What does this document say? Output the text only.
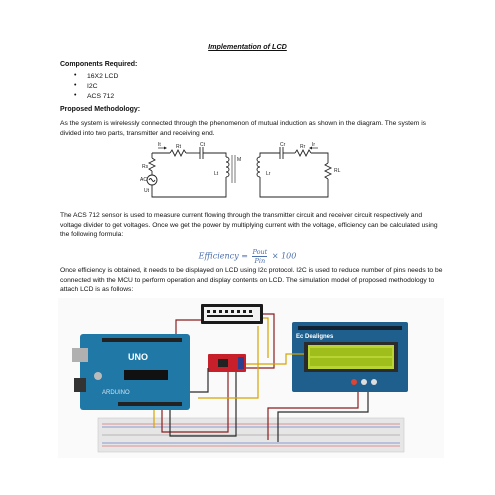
Implementation of LCD
Components Required:
• 16X2 LCD
• I2C
• ACS 712
Proposed Methodology:
As the system is wirelessly connected through the phenomenon of mutual induction as shown in the diagram. The system is divided into two parts, transmitter and receiving end.
It	Rt	Ct
Rs
AC
Ut
M
Lt	Lr
Cr	Rr
RL
Ir
The ACS 712 sensor is used to measure current flowing through the transmitter circuit and receiver circuit respectively and voltage divider to get voltages. Once we get the power by multiplying current with the voltage, efficiency can be calculated using the following formula:
Efficiency = $\frac{\text{Pout}}{\text{Pin}} \times 100$
Once efficiency is obtained, it needs to be displayed on LCD using I2c protocol. I2C is used to reduce number of pins needs to be connected with the MCU to perform operation and display contents on LCD. The simulation model of proposed methodology to attach LCD is as follows:
UNO
ARDUINO
Ec Dealignes
